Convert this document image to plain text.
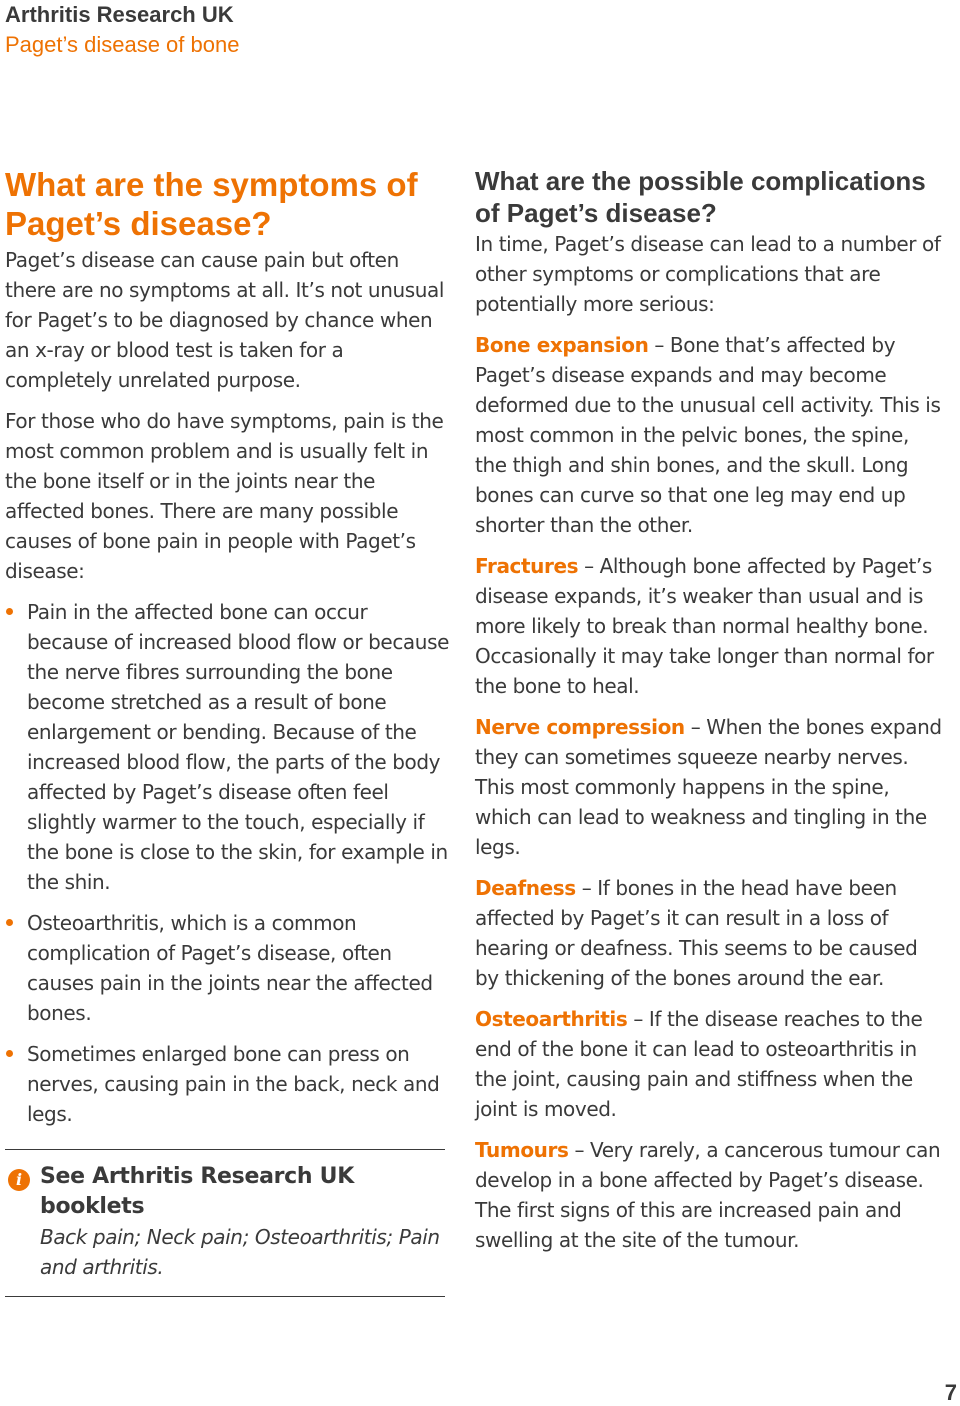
Arthritis Research UK
Paget’s disease of bone
What are the symptoms of Paget’s disease?

Paget’s disease can cause pain but often there are no symptoms at all. It’s not unusual for Paget’s to be diagnosed by chance when an x-ray or blood test is taken for a completely unrelated purpose.

For those who do have symptoms, pain is the most common problem and is usually felt in the bone itself or in the joints near the affected bones. There are many possible causes of bone pain in people with Paget’s disease:

Pain in the affected bone can occur because of increased blood flow or because the nerve fibres surrounding the bone become stretched as a result of bone enlargement or bending. Because of the increased blood flow, the parts of the body affected by Paget’s disease often feel slightly warmer to the touch, especially if the bone is close to the skin, for example in the shin.
Osteoarthritis, which is a common complication of Paget’s disease, often causes pain in the joints near the affected bones.
Sometimes enlarged bone can press on nerves, causing pain in the back, neck and legs.
i See Arthritis Research UK booklets
Back pain; Neck pain; Osteoarthritis; Pain and arthritis.
What are the possible complications of Paget’s disease?

In time, Paget’s disease can lead to a number of other symptoms or complications that are potentially more serious:

Bone expansion – Bone that’s affected by Paget’s disease expands and may become deformed due to the unusual cell activity. This is most common in the pelvic bones, the spine, the thigh and shin bones, and the skull. Long bones can curve so that one leg may end up shorter than the other.

Fractures – Although bone affected by Paget’s disease expands, it’s weaker than usual and is more likely to break than normal healthy bone. Occasionally it may take longer than normal for the bone to heal.

Nerve compression – When the bones expand they can sometimes squeeze nearby nerves. This most commonly happens in the spine, which can lead to weakness and tingling in the legs.

Deafness – If bones in the head have been affected by Paget’s it can result in a loss of hearing or deafness. This seems to be caused by thickening of the bones around the ear.

Osteoarthritis – If the disease reaches to the end of the bone it can lead to osteoarthritis in the joint, causing pain and stiffness when the joint is moved.

Tumours – Very rarely, a cancerous tumour can develop in a bone affected by Paget’s disease. The first signs of this are increased pain and swelling at the site of the tumour.

7
